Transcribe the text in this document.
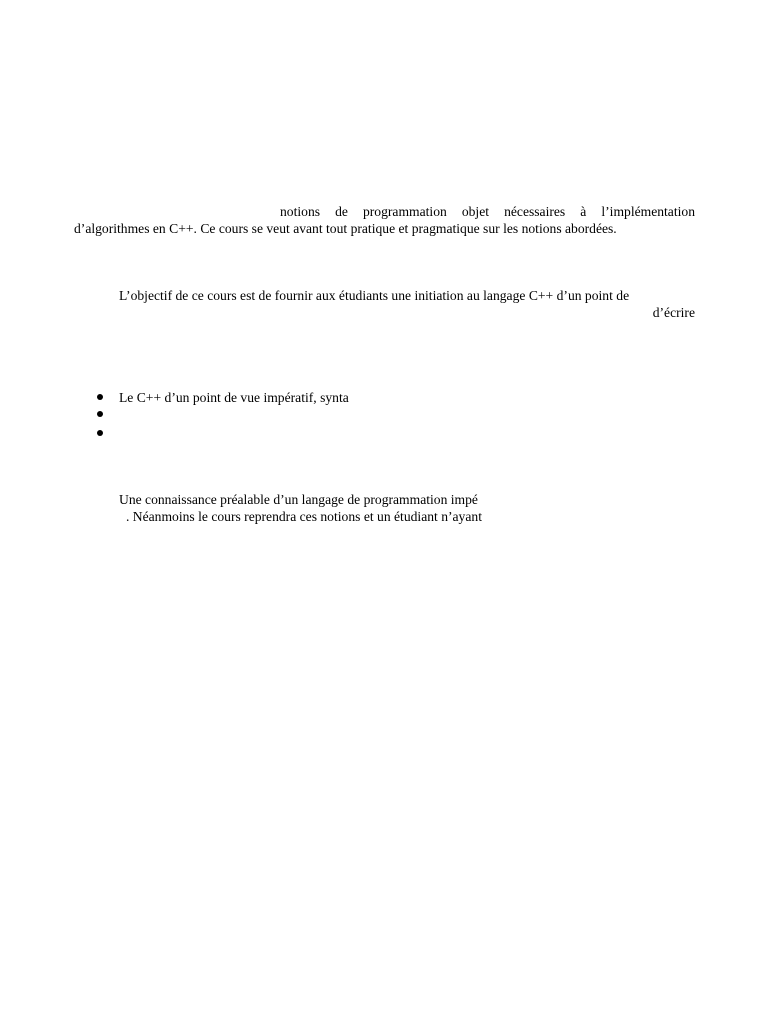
notions de programmation objet nécessaires à l’implémentation
d’algorithmes en C++. Ce cours se veut avant tout pratique et pragmatique sur les notions abordées.
L’objectif de ce cours est de fournir aux étudiants une initiation au langage C++ d’un point de
d’écrire
Le C++ d’un point de vue impératif, synta
Une connaissance préalable d’un langage de programmation impé
. Néanmoins le cours reprendra ces notions et un étudiant n’ayant
